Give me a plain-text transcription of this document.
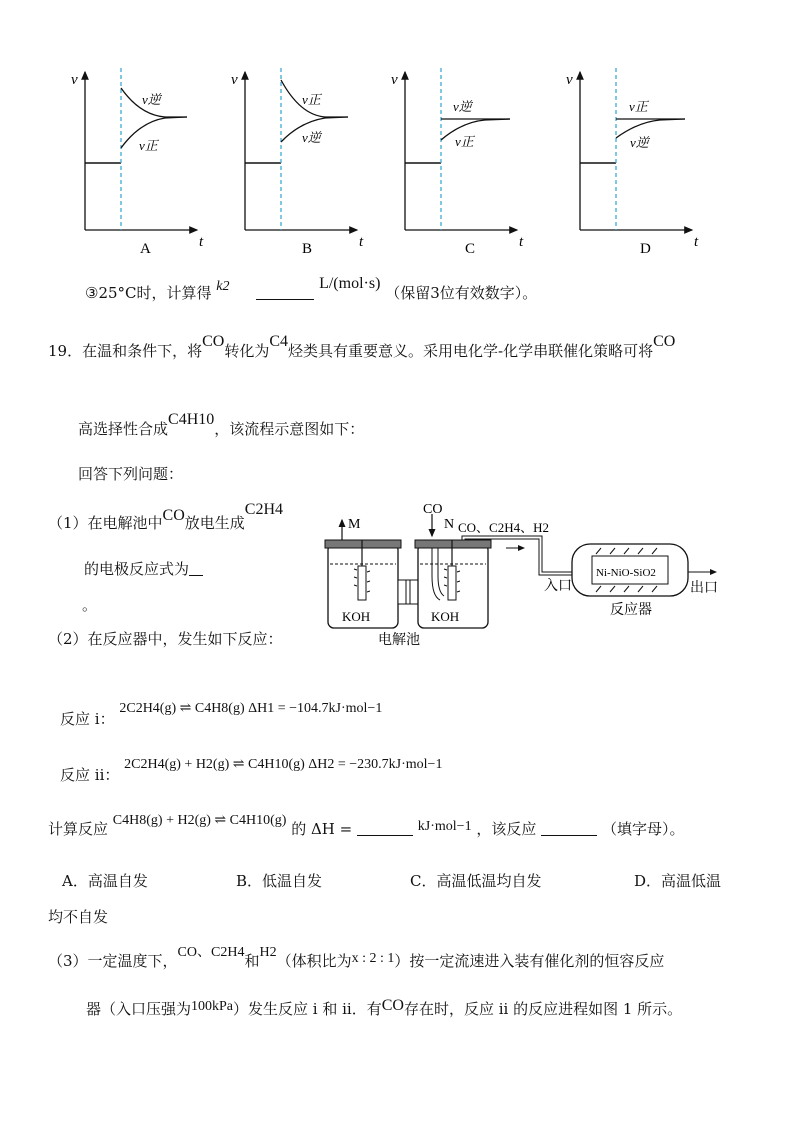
v
t
v逆
v正
A
v
t
v正
v逆
B
v
t
v逆
v正
C
v
t
v正
v逆
D
③25°C时，计算得 k2	L/(mol·s) （保留3位有效数字）。
19．在温和条件下，将CO转化为C4烃类具有重要意义。采用电化学-化学串联催化策略可将CO
高选择性合成C4H10，该流程示意图如下：
回答下列问题：
（1）在电解池中CO放电生成C2H4
的电极反应式为
。
（2）在反应器中，发生如下反应：
M
KOH
CO
N
KOH
电解池
CO、C2H4、H2
Ni-NiO-SiO2
入口	出口
反应器
反应 i： 2C2H4(g) ⇌ C4H8(g) ΔH1 = −104.7kJ·mol−1
反应 ii： 2C2H4(g) + H2(g) ⇌ C4H10(g) ΔH2 = −230.7kJ·mol−1
计算反应 C4H8(g) + H2(g) ⇌ C4H10(g) 的 ΔH =	kJ·mol−1 ，该反应	（填字母）。
A．高温自发	B．低温自发	C．高温低温均自发	D．高温低温
均不自发
（3）一定温度下，CO、C2H4和H2（体积比为x : 2 : 1）按一定流速进入装有催化剂的恒容反应
器（入口压强为100kPa）发生反应 i 和 ii．有CO存在时，反应 ii 的反应进程如图 1 所示。
